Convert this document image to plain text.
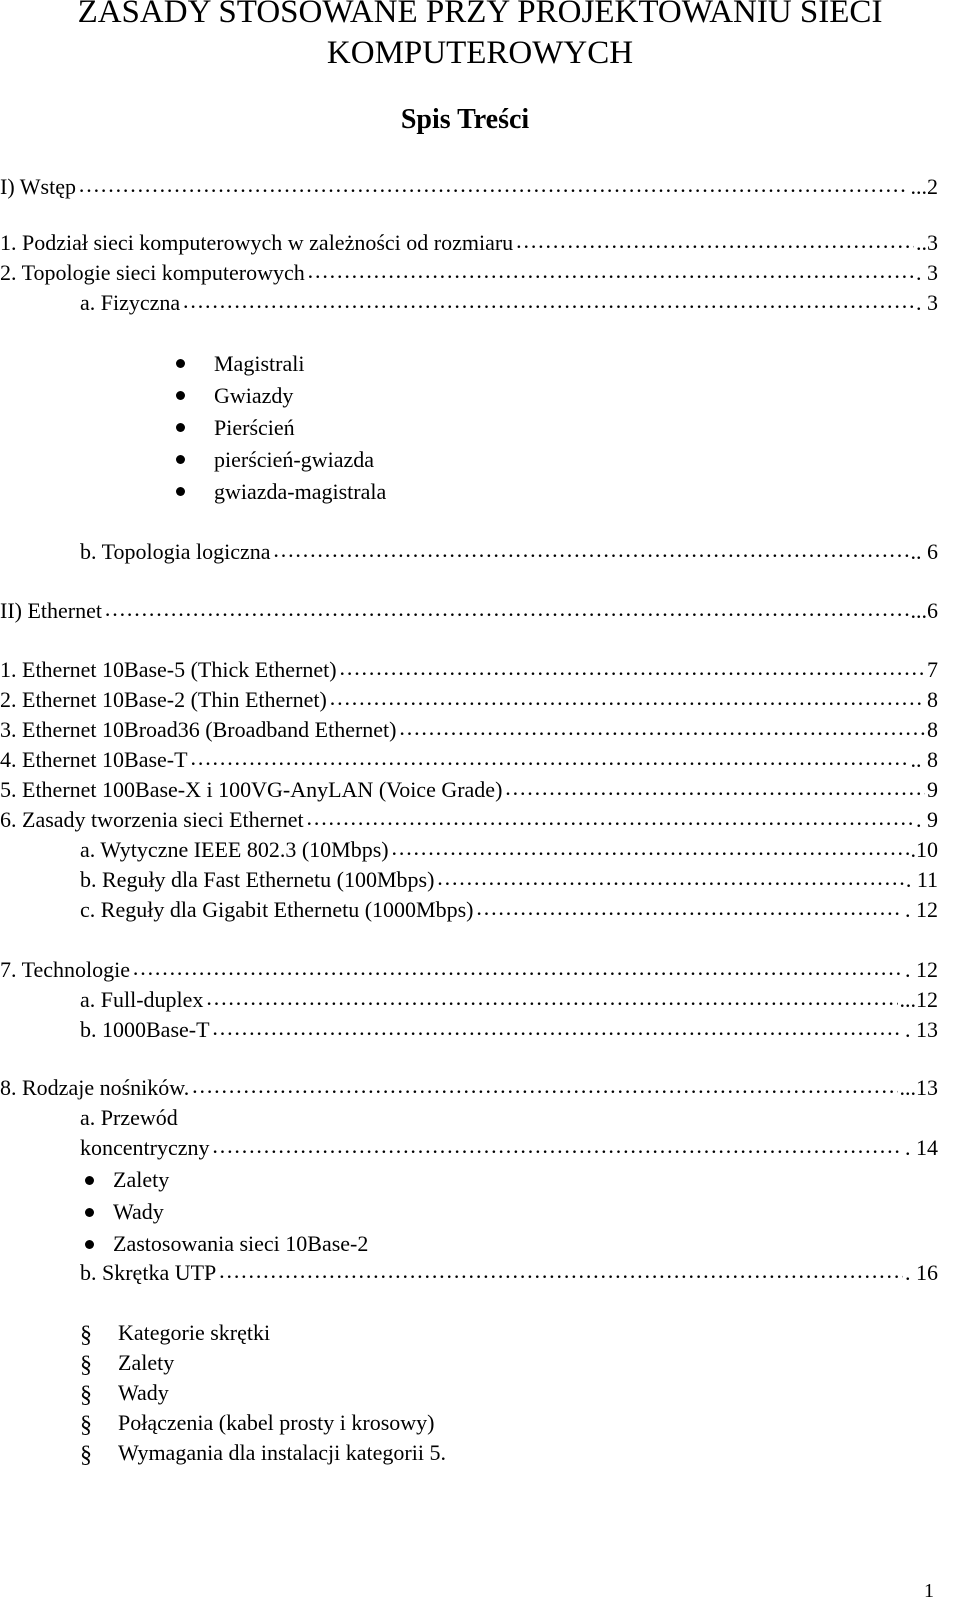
ZASADY STOSOWANE PRZY PROJEKTOWANIU SIECI
KOMPUTEROWYCH
Spis Treści
I) Wstęp …………………………………………………………………………………………………………………………………………………………………………………………………………………………	...2
1. Podział sieci komputerowych w zależności od rozmiaru …………………………………………………………………………………………………………………………………………………………………………………………………………………………	..3
2. Topologie sieci komputerowych …………………………………………………………………………………………………………………………………………………………………………………………………………………………	. 3
a. Fizyczna …………………………………………………………………………………………………………………………………………………………………………………………………………………………	. 3
Magistrali
Gwiazdy
Pierścień
pierścień-gwiazda
gwiazda-magistrala
b. Topologia logiczna …………………………………………………………………………………………………………………………………………………………………………………………………………………………	.. 6
II) Ethernet …………………………………………………………………………………………………………………………………………………………………………………………………………………………	...6
1. Ethernet 10Base-5 (Thick Ethernet) …………………………………………………………………………………………………………………………………………………………………………………………………………………………	7
2. Ethernet 10Base-2 (Thin Ethernet) …………………………………………………………………………………………………………………………………………………………………………………………………………………………	8
3. Ethernet 10Broad36 (Broadband Ethernet) …………………………………………………………………………………………………………………………………………………………………………………………………………………………	8
4. Ethernet 10Base-T …………………………………………………………………………………………………………………………………………………………………………………………………………………………	.. 8
5. Ethernet 100Base-X i 100VG-AnyLAN (Voice Grade) …………………………………………………………………………………………………………………………………………………………………………………………………………………………	9
6. Zasady tworzenia sieci Ethernet …………………………………………………………………………………………………………………………………………………………………………………………………………………………	. 9
a. Wytyczne IEEE 802.3 (10Mbps) …………………………………………………………………………………………………………………………………………………………………………………………………………………………	.10
b. Reguły dla Fast Ethernetu (100Mbps) …………………………………………………………………………………………………………………………………………………………………………………………………………………………	. 11
c. Reguły dla Gigabit Ethernetu (1000Mbps) …………………………………………………………………………………………………………………………………………………………………………………………………………………………	. 12
7. Technologie …………………………………………………………………………………………………………………………………………………………………………………………………………………………	. 12
a. Full-duplex …………………………………………………………………………………………………………………………………………………………………………………………………………………………	...12
b. 1000Base-T …………………………………………………………………………………………………………………………………………………………………………………………………………………………	. 13
8. Rodzaje nośników. …………………………………………………………………………………………………………………………………………………………………………………………………………………………	...13
a. Przewód
koncentryczny …………………………………………………………………………………………………………………………………………………………………………………………………………………………	. 14
Zalety
Wady
Zastosowania sieci 10Base-2
b. Skrętka UTP …………………………………………………………………………………………………………………………………………………………………………………………………………………………	. 16
§ Kategorie skrętki
§ Zalety
§ Wady
§ Połączenia (kabel prosty i krosowy)
§ Wymagania dla instalacji kategorii 5.
1
